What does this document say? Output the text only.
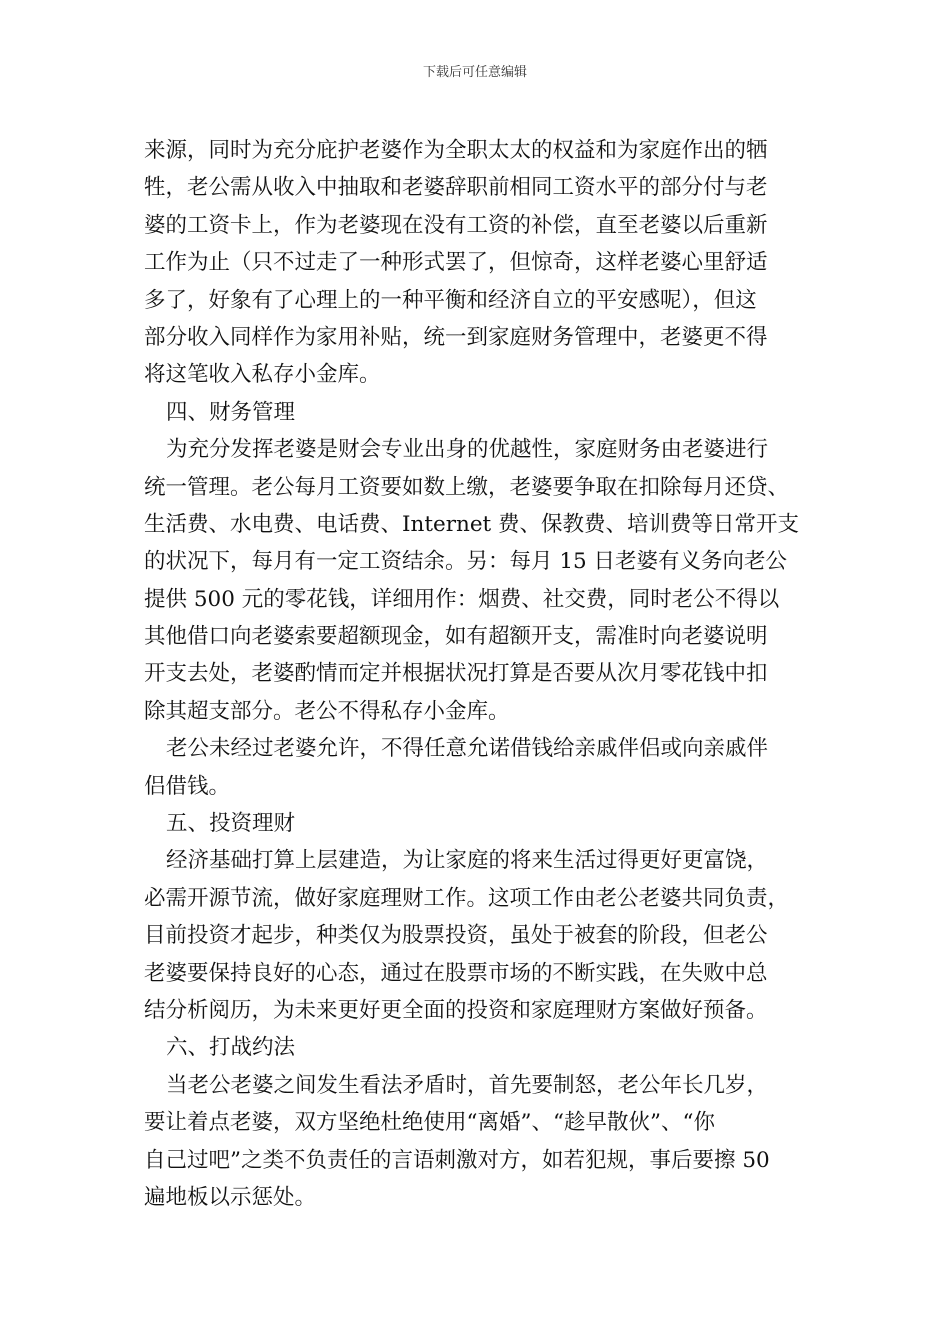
下载后可任意编辑
来源，同时为充分庇护老婆作为全职太太的权益和为家庭作出的牺
牲，老公需从收入中抽取和老婆辞职前相同工资水平的部分付与老
婆的工资卡上，作为老婆现在没有工资的补偿，直至老婆以后重新
工作为止（只不过走了一种形式罢了，但惊奇，这样老婆心里舒适
多了，好象有了心理上的一种平衡和经济自立的平安感呢），但这
部分收入同样作为家用补贴，统一到家庭财务管理中，老婆更不得
将这笔收入私存小金库。
四、财务管理
为充分发挥老婆是财会专业出身的优越性，家庭财务由老婆进行
统一管理。老公每月工资要如数上缴，老婆要争取在扣除每月还贷、
生活费、水电费、电话费、Internet 费、保教费、培训费等日常开支
的状况下，每月有一定工资结余。另：每月 15 日老婆有义务向老公
提供 500 元的零花钱，详细用作：烟费、社交费，同时老公不得以
其他借口向老婆索要超额现金，如有超额开支，需准时向老婆说明
开支去处，老婆酌情而定并根据状况打算是否要从次月零花钱中扣
除其超支部分。老公不得私存小金库。
老公未经过老婆允许，不得任意允诺借钱给亲戚伴侣或向亲戚伴
侣借钱。
五、投资理财
经济基础打算上层建造，为让家庭的将来生活过得更好更富饶，
必需开源节流，做好家庭理财工作。这项工作由老公老婆共同负责，
目前投资才起步，种类仅为股票投资，虽处于被套的阶段，但老公
老婆要保持良好的心态，通过在股票市场的不断实践，在失败中总
结分析阅历，为未来更好更全面的投资和家庭理财方案做好预备。
六、打战约法
当老公老婆之间发生看法矛盾时，首先要制怒，老公年长几岁，
要让着点老婆，双方坚绝杜绝使用“离婚”、“趁早散伙”、“你
自己过吧”之类不负责任的言语刺激对方，如若犯规，事后要擦 50
遍地板以示惩处。
